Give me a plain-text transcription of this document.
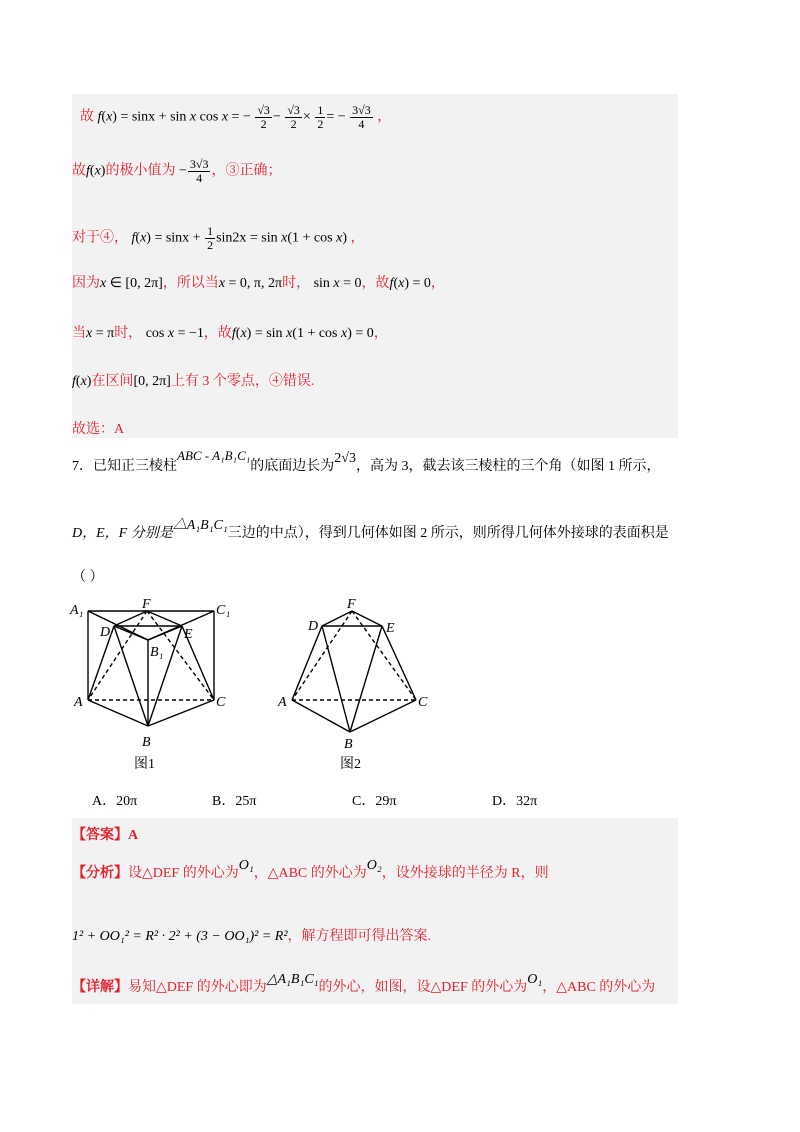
故 f(x) = sinx + sin x cos x = − $\frac{√3}{2} - \frac{√3}{2} \times \frac{1}{2}$ = − $\frac{3√3}{4}$ ，
故f(x)的极小值为 − $\frac{3√3}{4}$ ，③正确；
对于④， $f(x) = \sin x + \frac{1}{2} \sin 2x = \sin x(1 + \cos x)$ ，
因为x ∈ [0, 2π]，所以当x = 0, π, 2π时， sin x = 0，故f(x) = 0，
当x = π时， cos x = −1，故f(x) = sin x(1 + cos x) = 0，
f(x)在区间[0, 2π]上有 3 个零点，④错误.
故选：A
7．已知正三棱柱ABC - A₁B₁C₁的底面边长为2√3，高为 3，截去该三棱柱的三个角（如图 1 所示，
D，E，F 分别是△A₁B₁C₁三边的中点），得到几何体如图 2 所示，则所得几何体外接球的表面积是
（ ）
A₁	F	C₁
D	E
B₁
A	C
B
图1
F
D	E
A	C
B
图2
A．20π	B．25π	C．29π	D．32π
【答案】A
【分析】设△DEF 的外心为O₁，△ABC 的外心为O₂，设外接球的半径为 R，则
1² + OO₁² = R² · 2² + (3 − OO₁)² = R²，解方程即可得出答案.
【详解】易知△DEF 的外心即为△A₁B₁C₁的外心，如图，设△DEF 的外心为O₁，△ABC 的外心为
